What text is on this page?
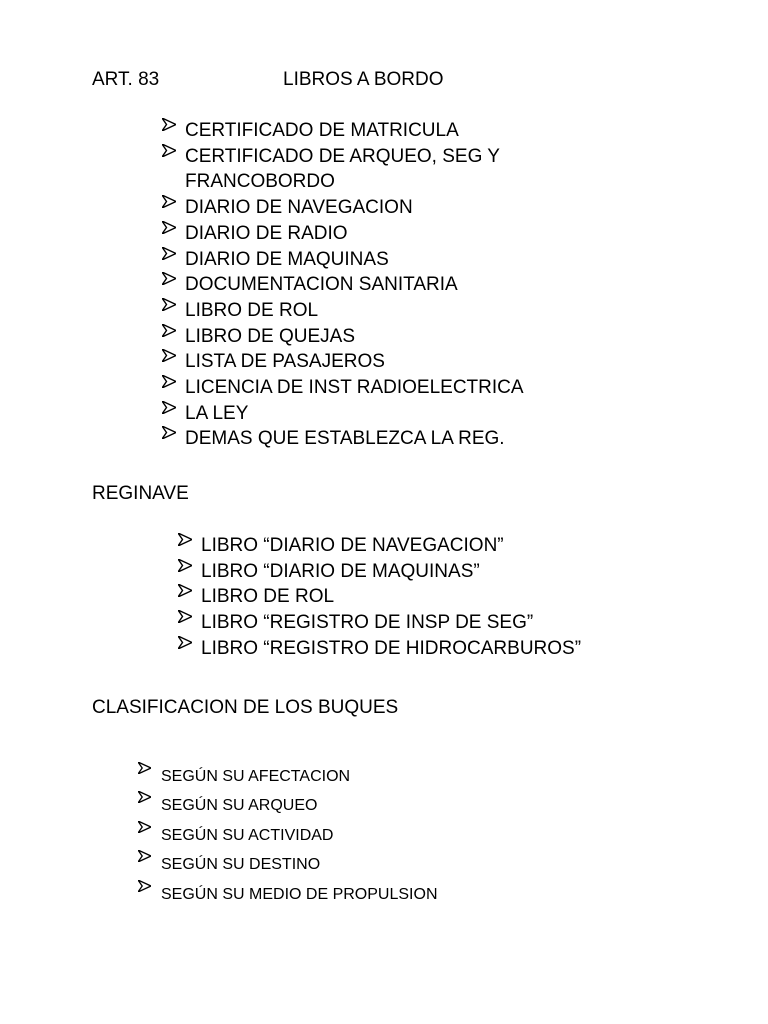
ART. 83	LIBROS A BORDO
CERTIFICADO DE MATRICULA
CERTIFICADO DE ARQUEO, SEG Y
FRANCOBORDO
DIARIO DE NAVEGACION
DIARIO DE RADIO
DIARIO DE MAQUINAS
DOCUMENTACION SANITARIA
LIBRO DE ROL
LIBRO DE QUEJAS
LISTA DE PASAJEROS
LICENCIA DE INST RADIOELECTRICA
LA LEY
DEMAS QUE ESTABLEZCA LA REG.
REGINAVE
LIBRO “DIARIO DE NAVEGACION”
LIBRO “DIARIO DE MAQUINAS”
LIBRO DE ROL
LIBRO “REGISTRO DE INSP DE SEG”
LIBRO “REGISTRO DE HIDROCARBUROS”
CLASIFICACION DE LOS BUQUES
SEGÚN SU AFECTACION
SEGÚN SU ARQUEO
SEGÚN SU ACTIVIDAD
SEGÚN SU DESTINO
SEGÚN SU MEDIO DE PROPULSION
